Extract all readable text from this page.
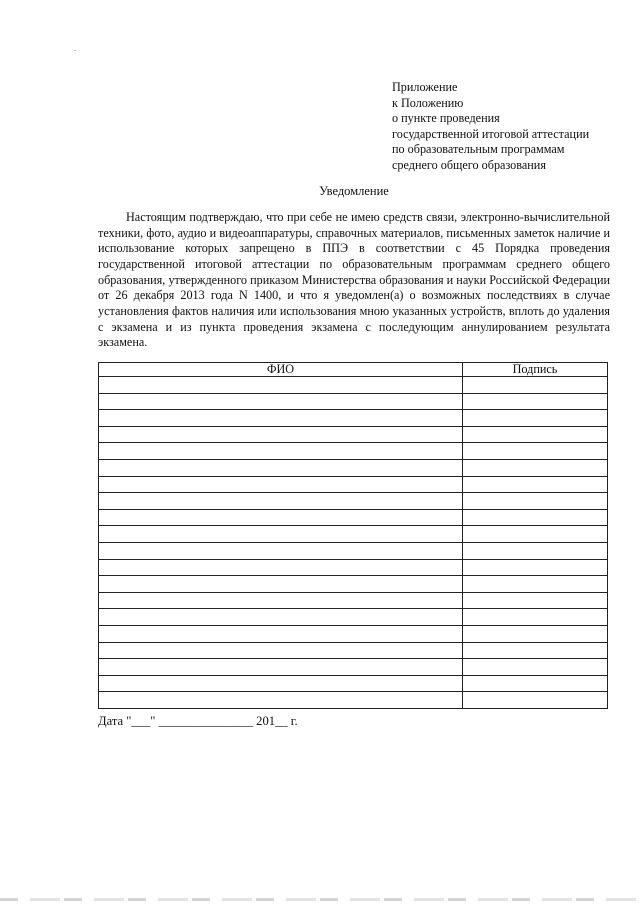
Приложение
к Положению
о пункте проведения
государственной итоговой аттестации
по образовательным программам
среднего общего образования
Уведомление

Настоящим подтверждаю, что при себе не имею средств связи, электронно-вычислительной техники, фото, аудио и видеоаппаратуры, справочных материалов, письменных заметок наличие и использование которых запрещено в ППЭ в соответствии с 45 Порядка проведения государственной итоговой аттестации по образовательным программам среднего общего образования, утвержденного приказом Министерства образования и науки Российской Федерации от 26 декабря 2013 года N 1400, и что я уведомлен(а) о возможных последствиях в случае установления фактов наличия или использования мною указанных устройств, вплоть до удаления с экзамена и из пункта проведения экзамена с последующим аннулированием результата экзамена.

ФИО	Подпись

Дата "___" _______________ 201__ г.
